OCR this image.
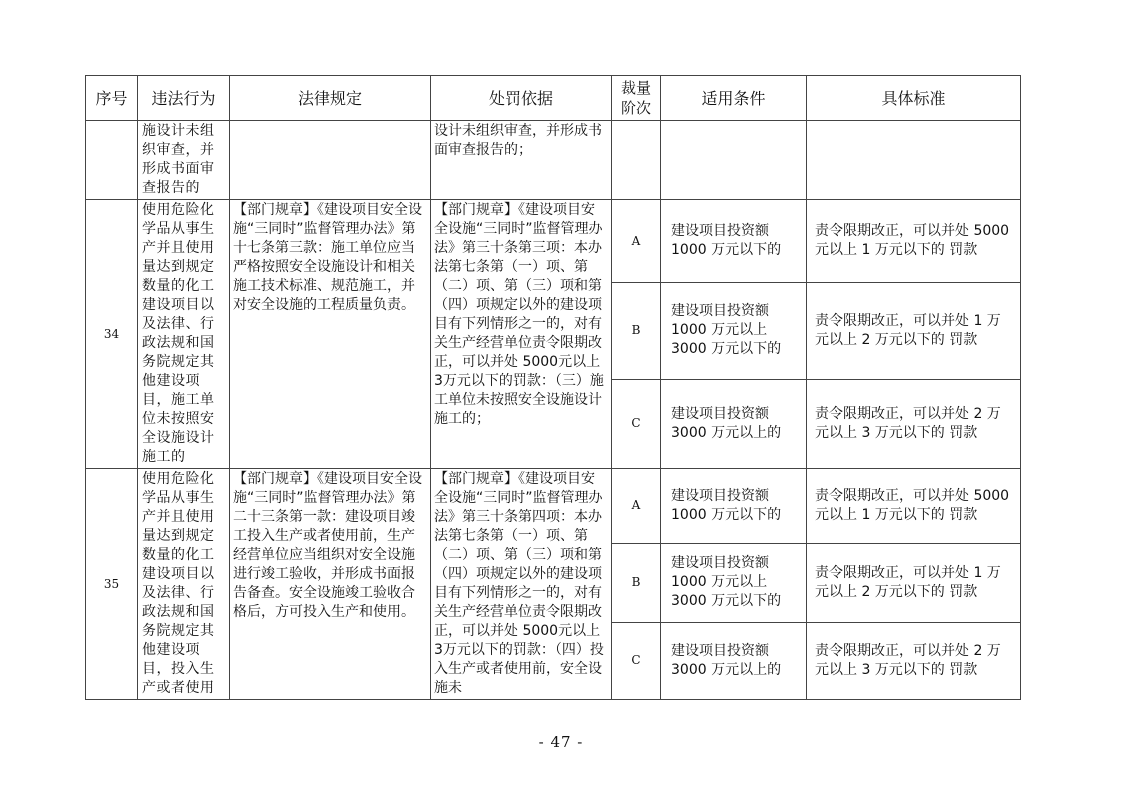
序号	违法行为	法律规定	处罚依据	裁量阶次	适用条件	具体标准
	施设计未组织审查，并形成书面审查报告的		设计未组织审查，并形成书面审查报告的；			
34	使用危险化学品从事生产并且使用量达到规定数量的化工建设项目以及法律、行政法规和国务院规定其他建设项目，施工单位未按照安全设施设计施工的	【部门规章】《建设项目安全设施“三同时”监督管理办法》第十七条第三款：施工单位应当严格按照安全设施设计和相关施工技术标准、规范施工，并对安全设施的工程质量负责。	【部门规章】《建设项目安全设施“三同时”监督管理办法》第三十条第三项：本办法第七条第（一）项、第（二）项、第（三）项和第（四）项规定以外的建设项目有下列情形之一的，对有关生产经营单位责令限期改正，可以并处 5000元以上3万元以下的罚款：（三）施工单位未按照安全设施设计施工的；	A	建设项目投资额 1000 万元以下的	责令限期改正，可以并处 5000 元以上 1 万元以下的 罚款
				B	建设项目投资额 1000 万元以上 3000 万元以下的	责令限期改正，可以并处 1 万元以上 2 万元以下的 罚款
				C	建设项目投资额 3000 万元以上的	责令限期改正，可以并处 2 万元以上 3 万元以下的 罚款
35	使用危险化学品从事生产并且使用量达到规定数量的化工建设项目以及法律、行政法规和国务院规定其他建设项目，投入生产或者使用	【部门规章】《建设项目安全设施“三同时”监督管理办法》第二十三条第一款：建设项目竣工投入生产或者使用前，生产经营单位应当组织对安全设施进行竣工验收，并形成书面报告备查。安全设施竣工验收合格后，方可投入生产和使用。	【部门规章】《建设项目安全设施“三同时”监督管理办法》第三十条第四项：本办法第七条第（一）项、第（二）项、第（三）项和第（四）项规定以外的建设项目有下列情形之一的，对有关生产经营单位责令限期改正，可以并处 5000元以上3万元以下的罚款：（四）投入生产或者使用前，安全设施未	A	建设项目投资额 1000 万元以下的	责令限期改正，可以并处 5000 元以上 1 万元以下的 罚款
				B	建设项目投资额 1000 万元以上 3000 万元以下的	责令限期改正，可以并处 1 万元以上 2 万元以下的 罚款
				C	建设项目投资额 3000 万元以上的	责令限期改正，可以并处 2 万元以上 3 万元以下的 罚款
- 47 -
